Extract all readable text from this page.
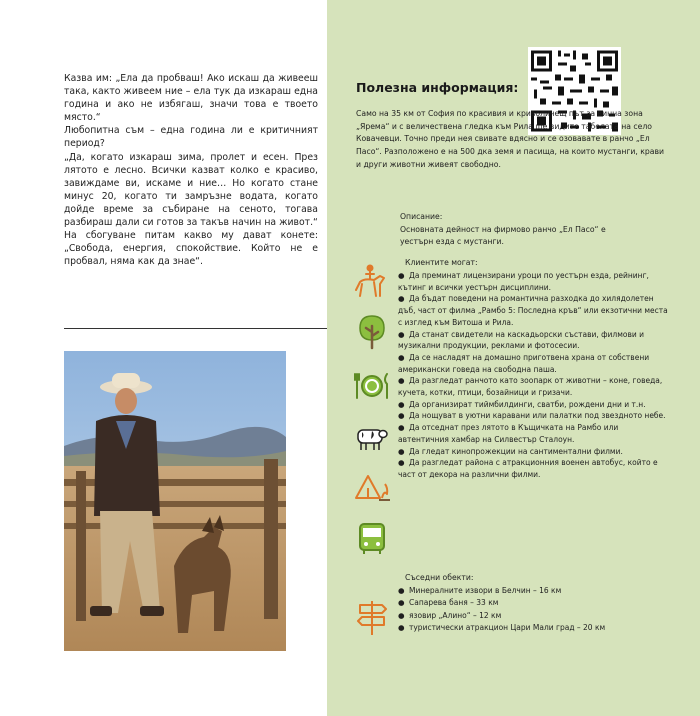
Казва им: „Ела да пробваш! Ако искаш да живееш така, както живеем ние – ела тук да изкараш една година и ако не избягаш, значи това е твоето място.“

Любопитна съм – една година ли е критичният период?

„Да, когато изкараш зима, пролет и есен. През лятото е лесно. Всички казват колко е красиво, завиждаме ви, искаме и ние… Но когато стане минус 20, когато ти замръзне водата, когато дойде време за събиране на сеното, тогава разбираш дали си готов за такъв начин на живот.“

На сбогуване питам какво му дават конете: „Свобода, енергия, спокойствие. Който не е пробвал, няма как да знае“.

Полезна информация:

Само на 35 км от София по красивия и криволичещ път за винна зона „Ярема“ и с величествена гледка към Рила ще видите табелата на село Ковачевци. Точно преди нея свивате вдясно и се озовавате в ранчо „Ел Пасо“. Разположено е на 500 дка земя и пасища, на които мустанги, крави и други животни живеят свободно.

Описание:

Основната дейност на фирмово ранчо „Ел Пасо“ е уестърн езда с мустанги.

Клиентите могат:
● Да преминат лицензирани уроци по уестърн езда, рейнинг, кътинг и всички уестърн дисциплини.
● Да бъдат поведени на романтична разходка до хилядолетен дъб, част от филма „Рамбо 5: Последна кръв“ или екзотични места с изглед към Витоша и Рила.
● Да станат свидетели на каскадьорски състави, филмови и музикални продукции, реклами и фотосесии.
● Да се насладят на домашно приготвена храна от собствени американски говеда на свободна паша.
● Да разгледат ранчото като зоопарк от животни – коне, говеда, кучета, котки, птици, бозайници и гризачи.
● Да организират тиймбилдинги, сватби, рождени дни и т.н.
● Да нощуват в уютни каравани или палатки под звездното небе.
● Да отседнат през лятото в Къщичката на Рамбо или автентичния хамбар на Силвестър Сталоун.
● Да гледат кинопрожекции на сантиментални филми.
● Да разгледат района с атракционния военен автобус, който е част от декора на различни филми.
Съседни обекти:
● Минералните извори в Белчин – 16 км
● Сапарева баня – 33 км
● язовир „Алино“ – 12 км
● туристически атракцион Цари Мали град – 20 км
